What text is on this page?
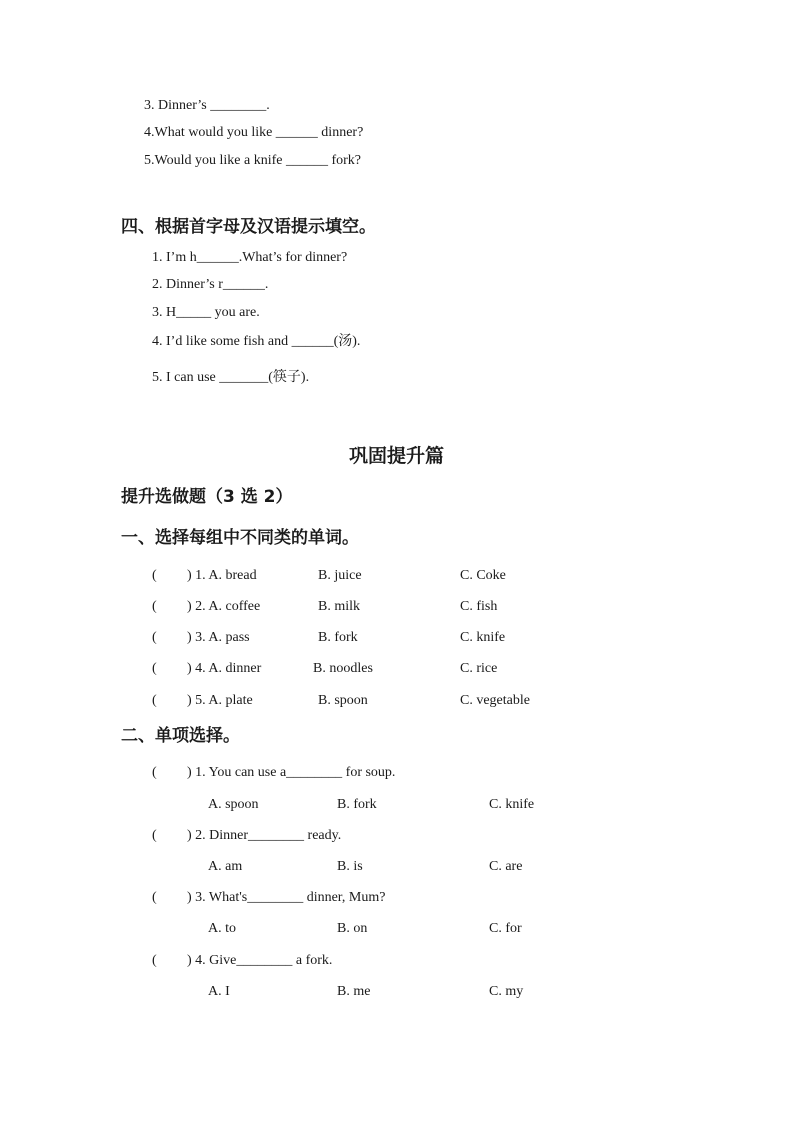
3. Dinner’s ________.
4.What would you like ______ dinner?
5.Would you like a knife ______ fork?
四、根据首字母及汉语提示填空。
1. I’m h______.What’s for dinner?
2. Dinner’s r______.
3. H_____ you are.
4. I’d like some fish and ______(汤).
5. I can use _______(筷子).
巩固提升篇
提升选做题（3 选 2）
一、选择每组中不同类的单词。
( ) 1. A. bread	B. juice	C. Coke
( ) 2. A. coffee	B. milk	C. fish
( ) 3. A. pass	B. fork	C. knife
( ) 4. A. dinner	B. noodles	C. rice
( ) 5. A. plate	B. spoon	C. vegetable
二、单项选择。
( ) 1. You can use a________ for soup.
A. spoon	B. fork	C. knife
( ) 2. Dinner________ ready.
A. am	B. is	C. are
( ) 3. What's________ dinner, Mum?
A. to	B. on	C. for
( ) 4. Give________ a fork.
A. I	B. me	C. my
